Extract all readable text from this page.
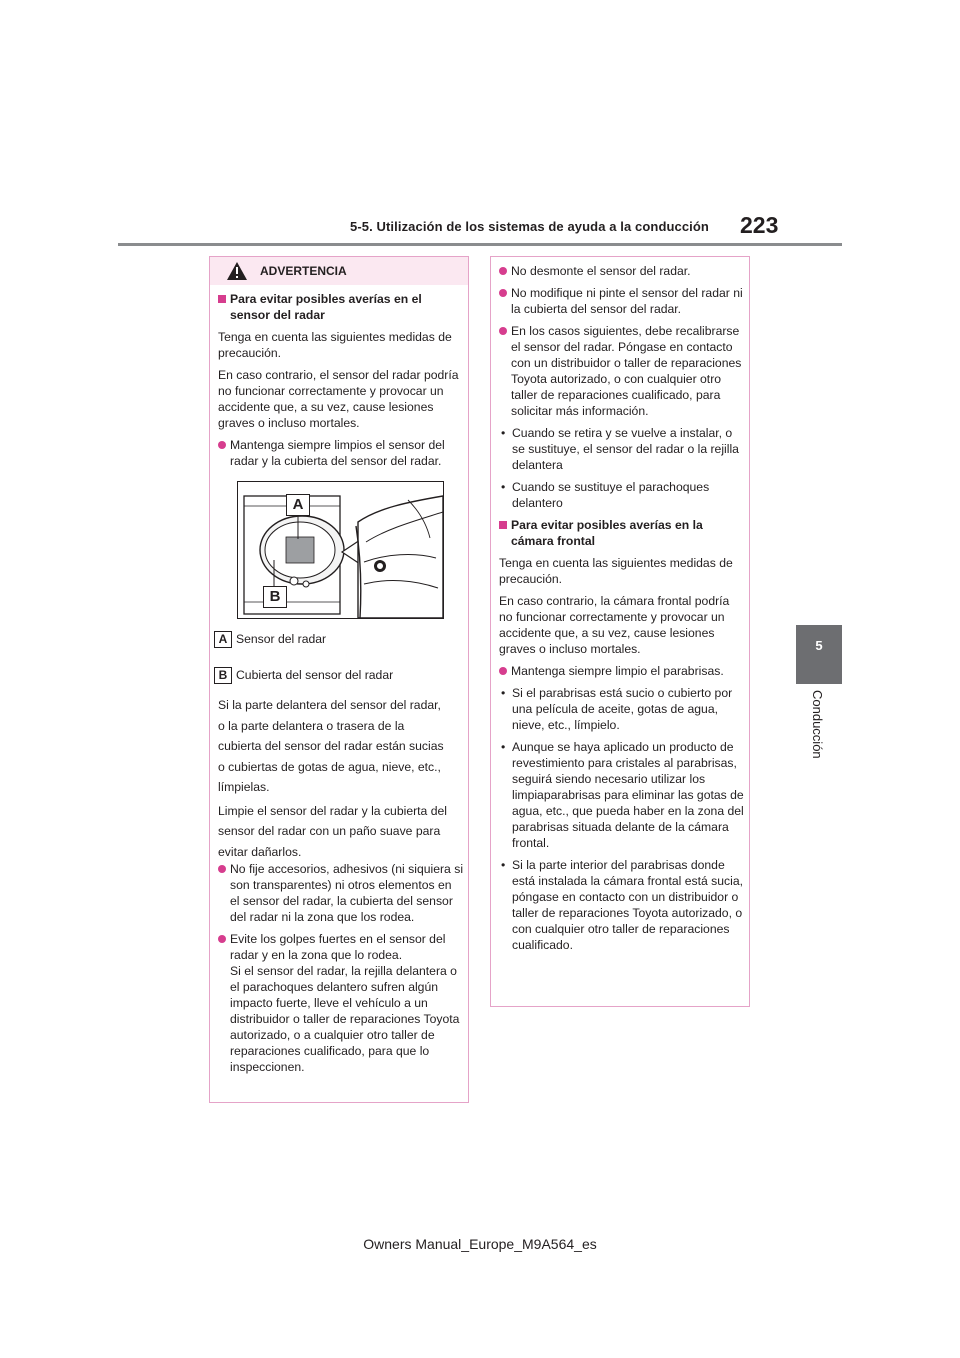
5-5. Utilización de los sistemas de ayuda a la conducción 223
5
Conducción
ADVERTENCIA

Para evitar posibles averías en el sensor del radar

Tenga en cuenta las siguientes medidas de precaución.

En caso contrario, el sensor del radar podría no funcionar correctamente y provocar un accidente que, a su vez, cause lesiones graves o incluso mortales.

Mantenga siempre limpios el sensor del radar y la cubierta del sensor del radar.

A
B
A Sensor del radar
B Cubierta del sensor del radar
Si la parte delantera del sensor del radar,
o la parte delantera o trasera de la
cubierta del sensor del radar están sucias
o cubiertas de gotas de agua, nieve, etc.,
límpielas.
Limpie el sensor del radar y la cubierta del
sensor del radar con un paño suave para
evitar dañarlos.

No fije accesorios, adhesivos (ni siquiera si son transparentes) ni otros elementos en el sensor del radar, la cubierta del sensor del radar ni la zona que los rodea.

Evite los golpes fuertes en el sensor del radar y en la zona que lo rodea.
Si el sensor del radar, la rejilla delantera o el parachoques delantero sufren algún impacto fuerte, lleve el vehículo a un distribuidor o taller de reparaciones Toyota autorizado, o a cualquier otro taller de reparaciones cualificado, para que lo inspeccionen.

No desmonte el sensor del radar.

No modifique ni pinte el sensor del radar ni la cubierta del sensor del radar.

En los casos siguientes, debe recalibrarse el sensor del radar. Póngase en contacto con un distribuidor o taller de reparaciones Toyota autorizado, o con cualquier otro taller de reparaciones cualificado, para solicitar más información.

• Cuando se retira y se vuelve a instalar, o se sustituye, el sensor del radar o la rejilla delantera

• Cuando se sustituye el parachoques delantero

Para evitar posibles averías en la cámara frontal

Tenga en cuenta las siguientes medidas de precaución.

En caso contrario, la cámara frontal podría no funcionar correctamente y provocar un accidente que, a su vez, cause lesiones graves o incluso mortales.

Mantenga siempre limpio el parabrisas.

• Si el parabrisas está sucio o cubierto por una película de aceite, gotas de agua, nieve, etc., límpielo.

• Aunque se haya aplicado un producto de revestimiento para cristales al parabrisas, seguirá siendo necesario utilizar los limpiaparabrisas para eliminar las gotas de agua, etc., que pueda haber en la zona del parabrisas situada delante de la cámara frontal.

• Si la parte interior del parabrisas donde está instalada la cámara frontal está sucia, póngase en contacto con un distribuidor o taller de reparaciones Toyota autorizado, o con cualquier otro taller de reparaciones cualificado.

Owners Manual_Europe_M9A564_es
